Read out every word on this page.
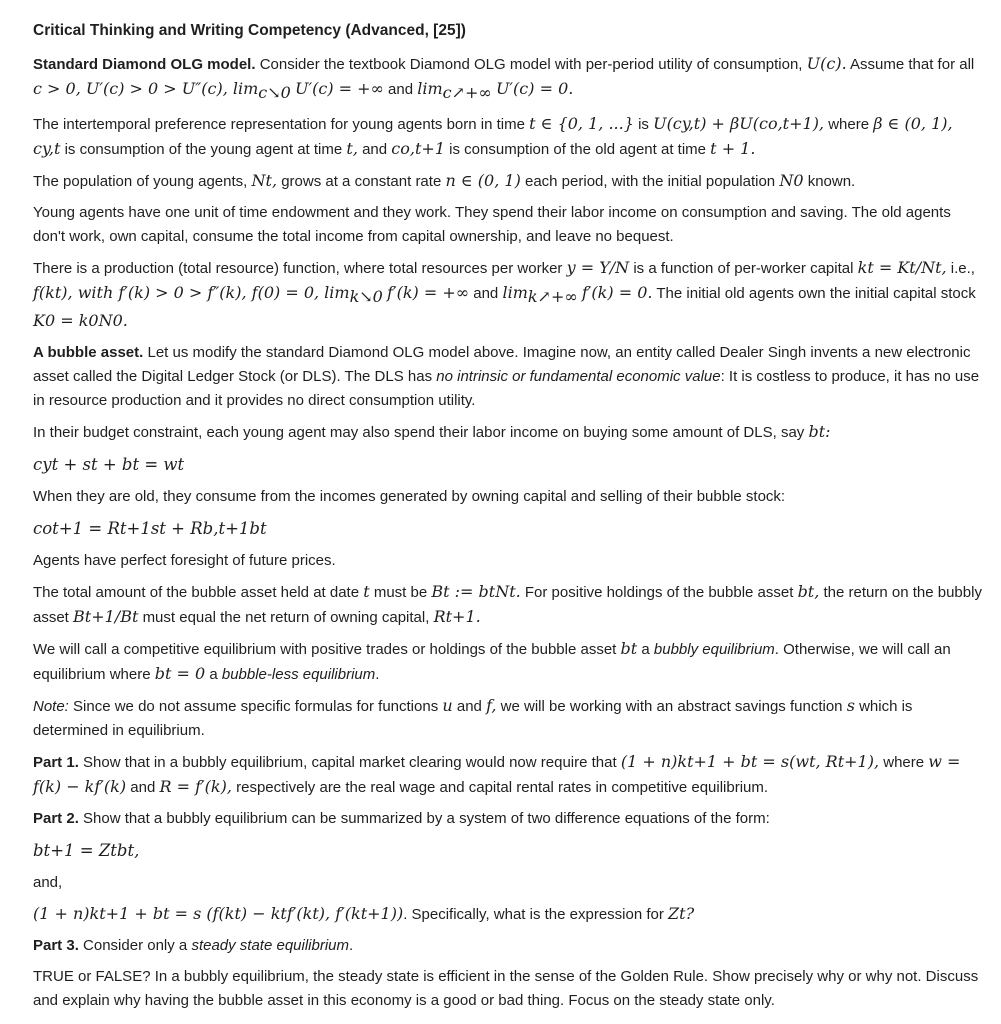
Critical Thinking and Writing Competency (Advanced, [25])
Standard Diamond OLG model. Consider the textbook Diamond OLG model with per-period utility of consumption, U(c). Assume that for all c > 0, U′(c) > 0 > U″(c), $\lim_{c↘0} U'(c)$ = +∞ and $\lim_{c↗+\infty} U'(c) = 0$.
The intertemporal preference representation for young agents born in time t ∈ {0, 1, ...} is U(cy,t) + βU(co,t+1), where β ∈ (0, 1), cy,t is consumption of the young agent at time t, and co,t+1 is consumption of the old agent at time t + 1.
The population of young agents, Nt, grows at a constant rate n ∈ (0, 1) each period, with the initial population N0 known.
Young agents have one unit of time endowment and they work. They spend their labor income on consumption and saving. The old agents don't work, own capital, consume the total income from capital ownership, and leave no bequest.
There is a production (total resource) function, where total resources per worker y = Y/N is a function of per-worker capital kt = Kt/Nt, i.e., f(kt), with f′(k) > 0 > f″(k), f(0) = 0, $\lim_{k↘0} f'(k)$ = +∞ and $\lim_{k↗+\infty} f'(k) = 0$. The initial old agents own the initial capital stock K0 = k0N0.
A bubble asset. Let us modify the standard Diamond OLG model above. Imagine now, an entity called Dealer Singh invents a new electronic asset called the Digital Ledger Stock (or DLS). The DLS has no intrinsic or fundamental economic value: It is costless to produce, it has no use in resource production and it provides no direct consumption utility.
In their budget constraint, each young agent may also spend their labor income on buying some amount of DLS, say bt:
cyt + st + bt = wt
When they are old, they consume from the incomes generated by owning capital and selling of their bubble stock:
cot+1 = Rt+1st + Rb,t+1bt
Agents have perfect foresight of future prices.
The total amount of the bubble asset held at date t must be Bt := btNt. For positive holdings of the bubble asset bt, the return on the bubbly asset Bt+1/Bt must equal the net return of owning capital, Rt+1.
We will call a competitive equilibrium with positive trades or holdings of the bubble asset bt a bubbly equilibrium. Otherwise, we will call an equilibrium where bt = 0 a bubble-less equilibrium.
Note: Since we do not assume specific formulas for functions u and f, we will be working with an abstract savings function s which is determined in equilibrium.
Part 1. Show that in a bubbly equilibrium, capital market clearing would now require that (1 + n)kt+1 + bt = s(wt, Rt+1), where w = f(k) − kf′(k) and R = f′(k), respectively are the real wage and capital rental rates in competitive equilibrium.
Part 2. Show that a bubbly equilibrium can be summarized by a system of two difference equations of the form:
bt+1 = Ztbt,
and,
(1 + n)kt+1 + bt = s (f(kt) − ktf′(kt), f′(kt+1)). Specifically, what is the expression for Zt?
Part 3. Consider only a steady state equilibrium.
TRUE or FALSE? In a bubbly equilibrium, the steady state is efficient in the sense of the Golden Rule. Show precisely why or why not. Discuss and explain why having the bubble asset in this economy is a good or bad thing. Focus on the steady state only.
